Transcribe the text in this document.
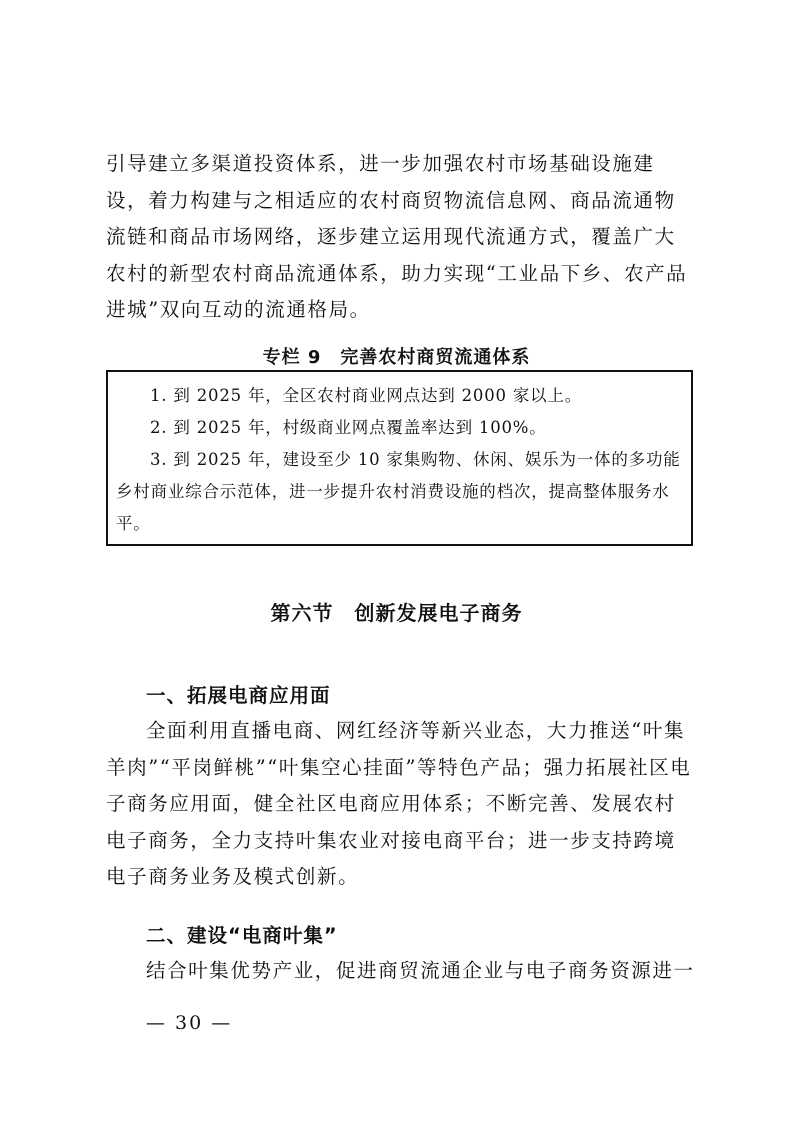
引导建立多渠道投资体系，进一步加强农村市场基础设施建设，着力构建与之相适应的农村商贸物流信息网、商品流通物流链和商品市场网络，逐步建立运用现代流通方式，覆盖广大农村的新型农村商品流通体系，助力实现“工业品下乡、农产品进城”双向互动的流通格局。

专栏 9　完善农村商贸流通体系

1. 到 2025 年，全区农村商业网点达到 2000 家以上。

2. 到 2025 年，村级商业网点覆盖率达到 100%。

3. 到 2025 年，建设至少 10 家集购物、休闲、娱乐为一体的多功能乡村商业综合示范体，进一步提升农村消费设施的档次，提高整体服务水平。

第六节　创新发展电子商务
一、拓展电商应用面

全面利用直播电商、网红经济等新兴业态，大力推送“叶集羊肉”“平岗鲜桃”“叶集空心挂面”等特色产品；强力拓展社区电子商务应用面，健全社区电商应用体系；不断完善、发展农村电子商务，全力支持叶集农业对接电商平台；进一步支持跨境电子商务业务及模式创新。

二、建设“电商叶集”

结合叶集优势产业，促进商贸流通企业与电子商务资源进一

— 30 —
